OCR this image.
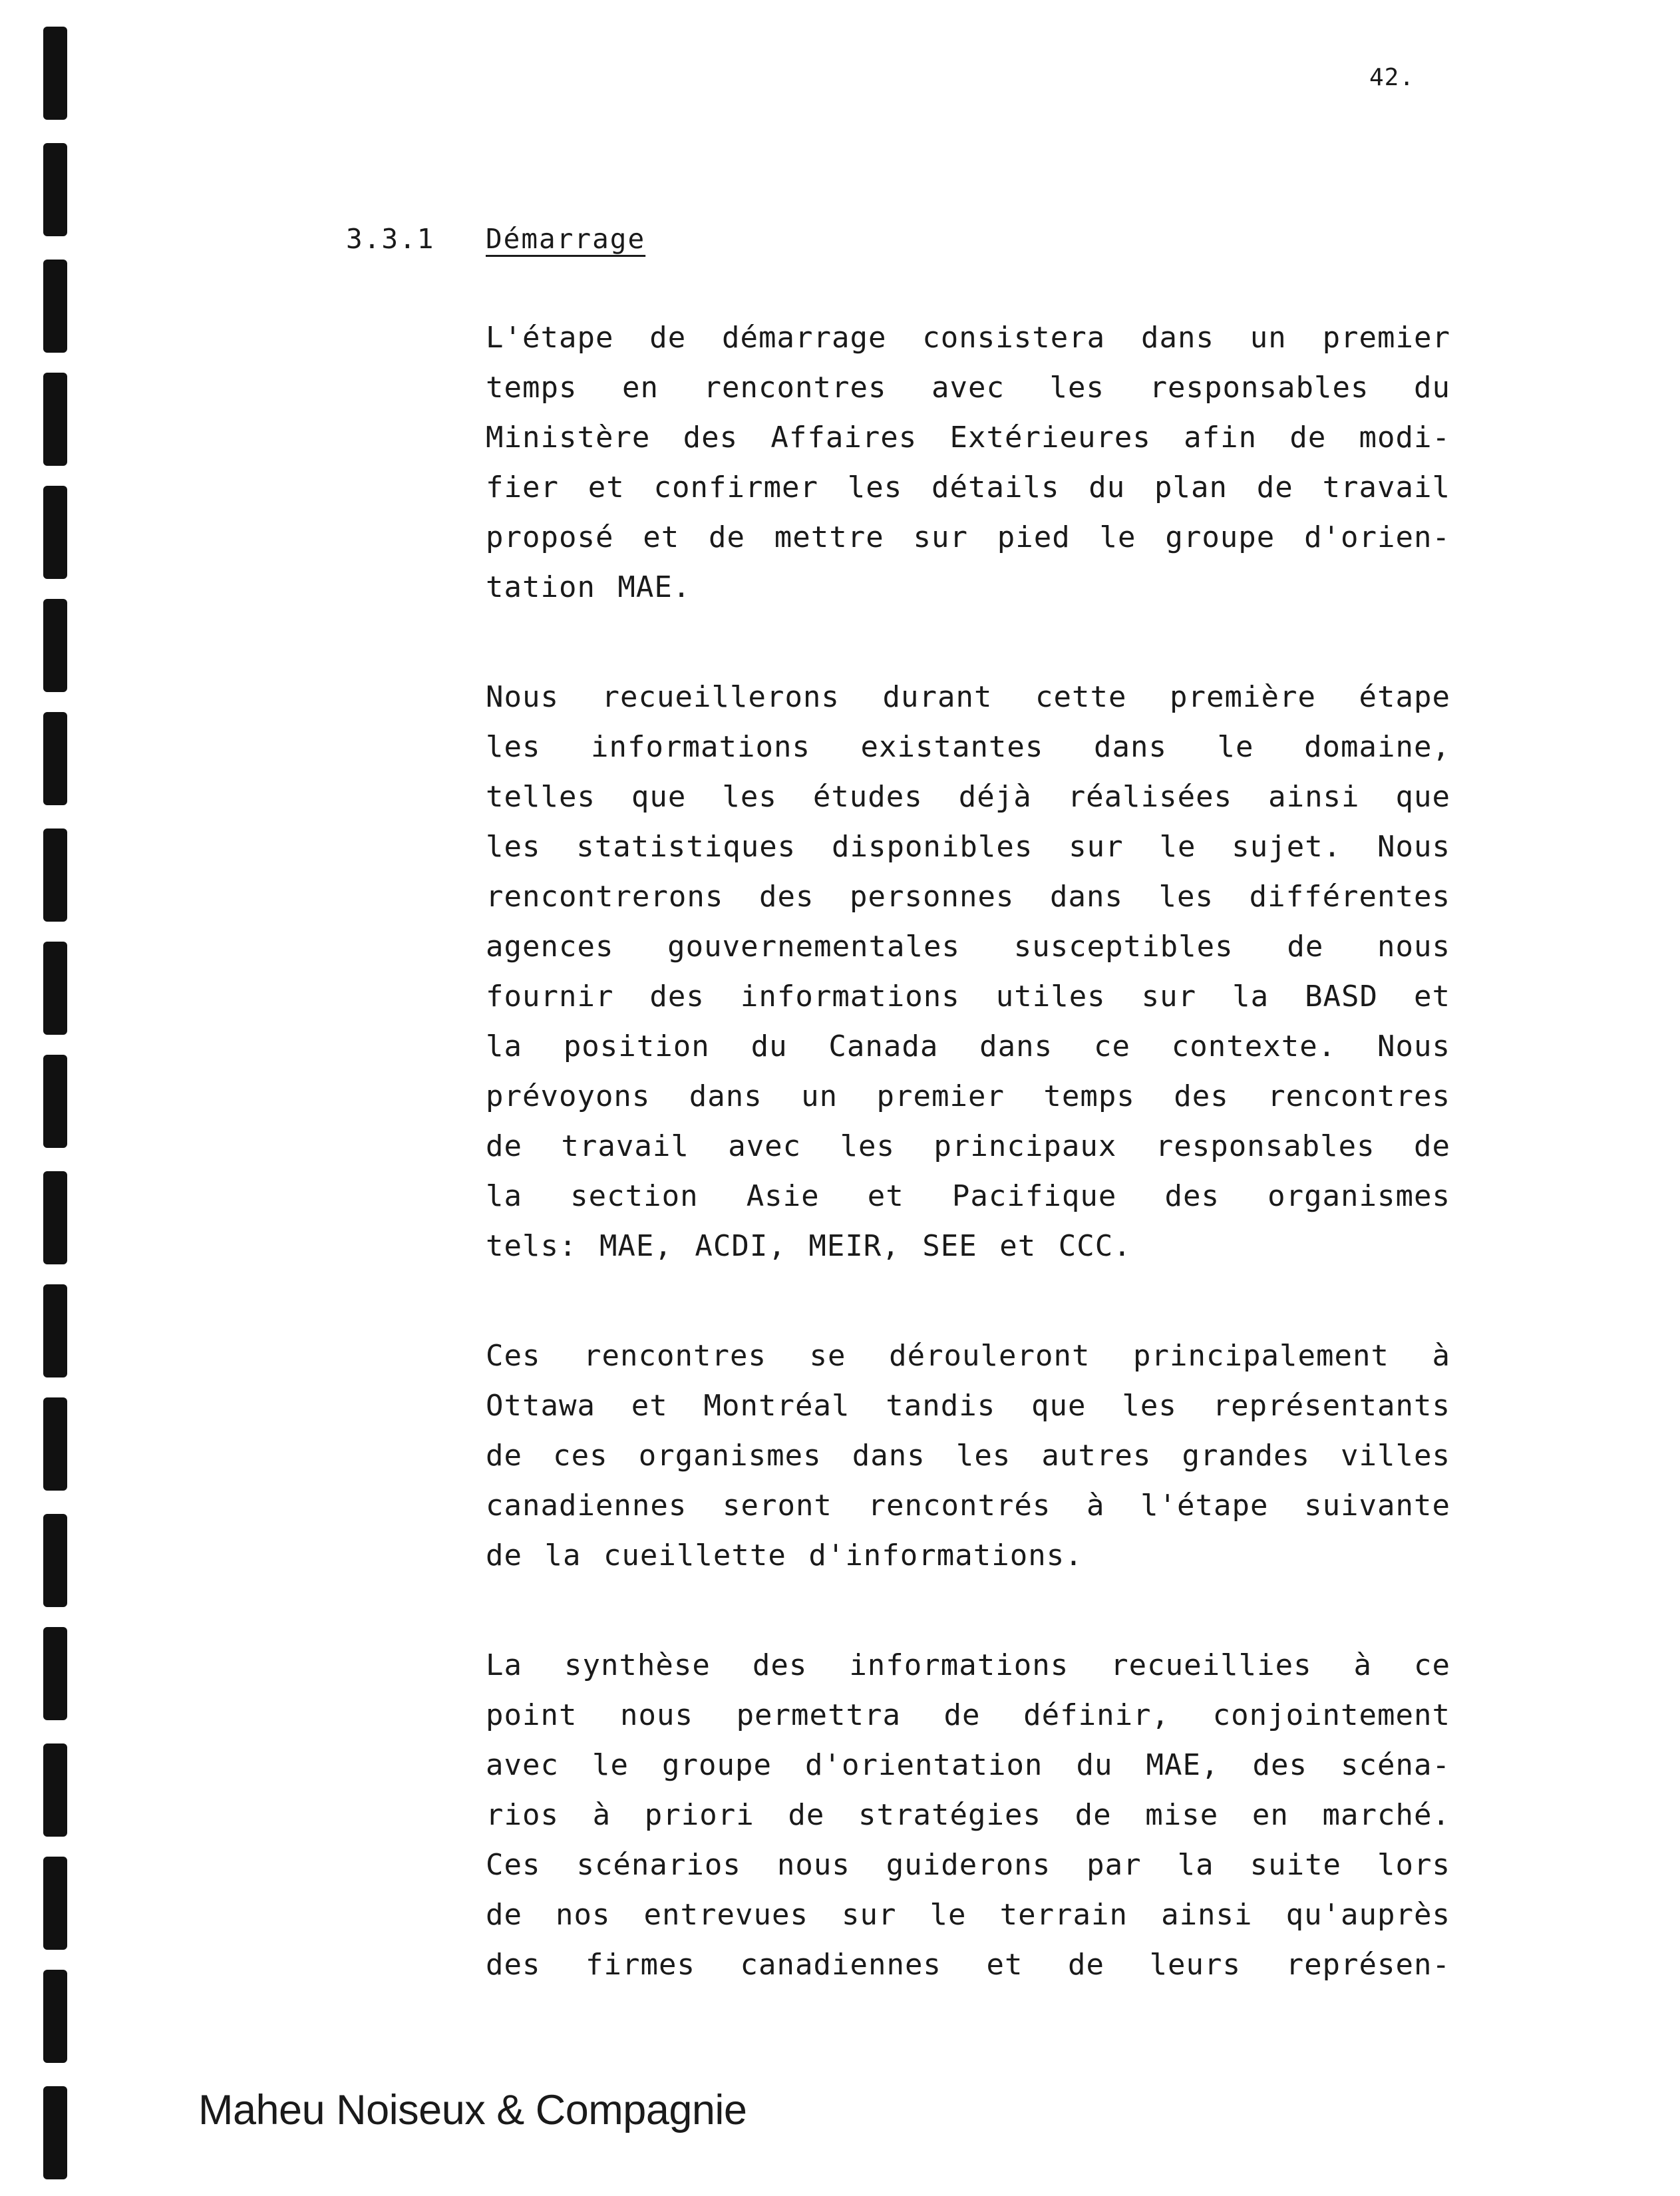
42.
3.3.1 Démarrage
L'étape de démarrage consistera dans un premier
temps en rencontres avec les responsables du
Ministère des Affaires Extérieures afin de modi-
fier et confirmer les détails du plan de travail
proposé et de mettre sur pied le groupe d'orien-
tation MAE.
Nous recueillerons durant cette première étape
les informations existantes dans le domaine,
telles que les études déjà réalisées ainsi que
les statistiques disponibles sur le sujet. Nous
rencontrerons des personnes dans les différentes
agences gouvernementales susceptibles de nous
fournir des informations utiles sur la BASD et
la position du Canada dans ce contexte. Nous
prévoyons dans un premier temps des rencontres
de travail avec les principaux responsables de
la section Asie et Pacifique des organismes
tels: MAE, ACDI, MEIR, SEE et CCC.
Ces rencontres se dérouleront principalement à
Ottawa et Montréal tandis que les représentants
de ces organismes dans les autres grandes villes
canadiennes seront rencontrés à l'étape suivante
de la cueillette d'informations.
La synthèse des informations recueillies à ce
point nous permettra de définir, conjointement
avec le groupe d'orientation du MAE, des scéna-
rios à priori de stratégies de mise en marché.
Ces scénarios nous guiderons par la suite lors
de nos entrevues sur le terrain ainsi qu'auprès
des firmes canadiennes et de leurs représen-
Maheu Noiseux & Compagnie
